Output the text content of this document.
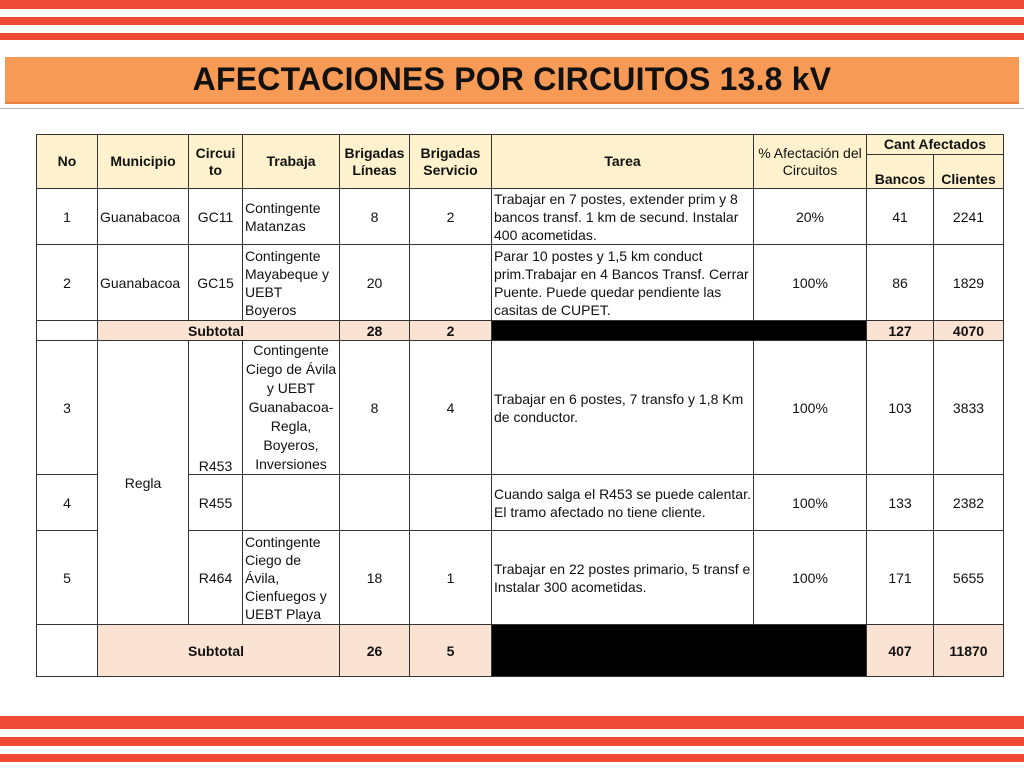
AFECTACIONES POR CIRCUITOS 13.8 kV
No	Municipio	Circui to	Trabaja	Brigadas Líneas	Brigadas Servicio	Tarea	% Afectación del Circuitos	Cant Afectados	
								Bancos	Clientes
1	Guanabacoa	GC11	Contingente Matanzas	8	2	Trabajar en 7 postes, extender prim y 8 bancos transf. 1 km de secund. Instalar 400 acometidas.	20%	41	2241
2	Guanabacoa	GC15	Contingente Mayabeque y UEBT Boyeros	20		Parar 10 postes y 1,5 km conduct prim.Trabajar en 4 Bancos Transf. Cerrar Puente. Puede quedar pendiente las casitas de CUPET.	100%	86	1829

	Subtotal			28	2			127	4070
3	Regla	R453	Contingente Ciego de Ávila y UEBT Guanabacoa- Regla, Boyeros, Inversiones	8	4	Trabajar en 6 postes, 7 transfo y 1,8 Km de conductor.	100%	103	3833
4		R455				Cuando salga el R453 se puede calentar. El tramo afectado no tiene cliente.	100%	133	2382
5		R464	Contingente Ciego de Ávila, Cienfuegos y UEBT Playa	18	1	Trabajar en 22 postes primario, 5 transf e Instalar 300 acometidas.	100%	171	5655

	Subtotal			26	5			407	11870
